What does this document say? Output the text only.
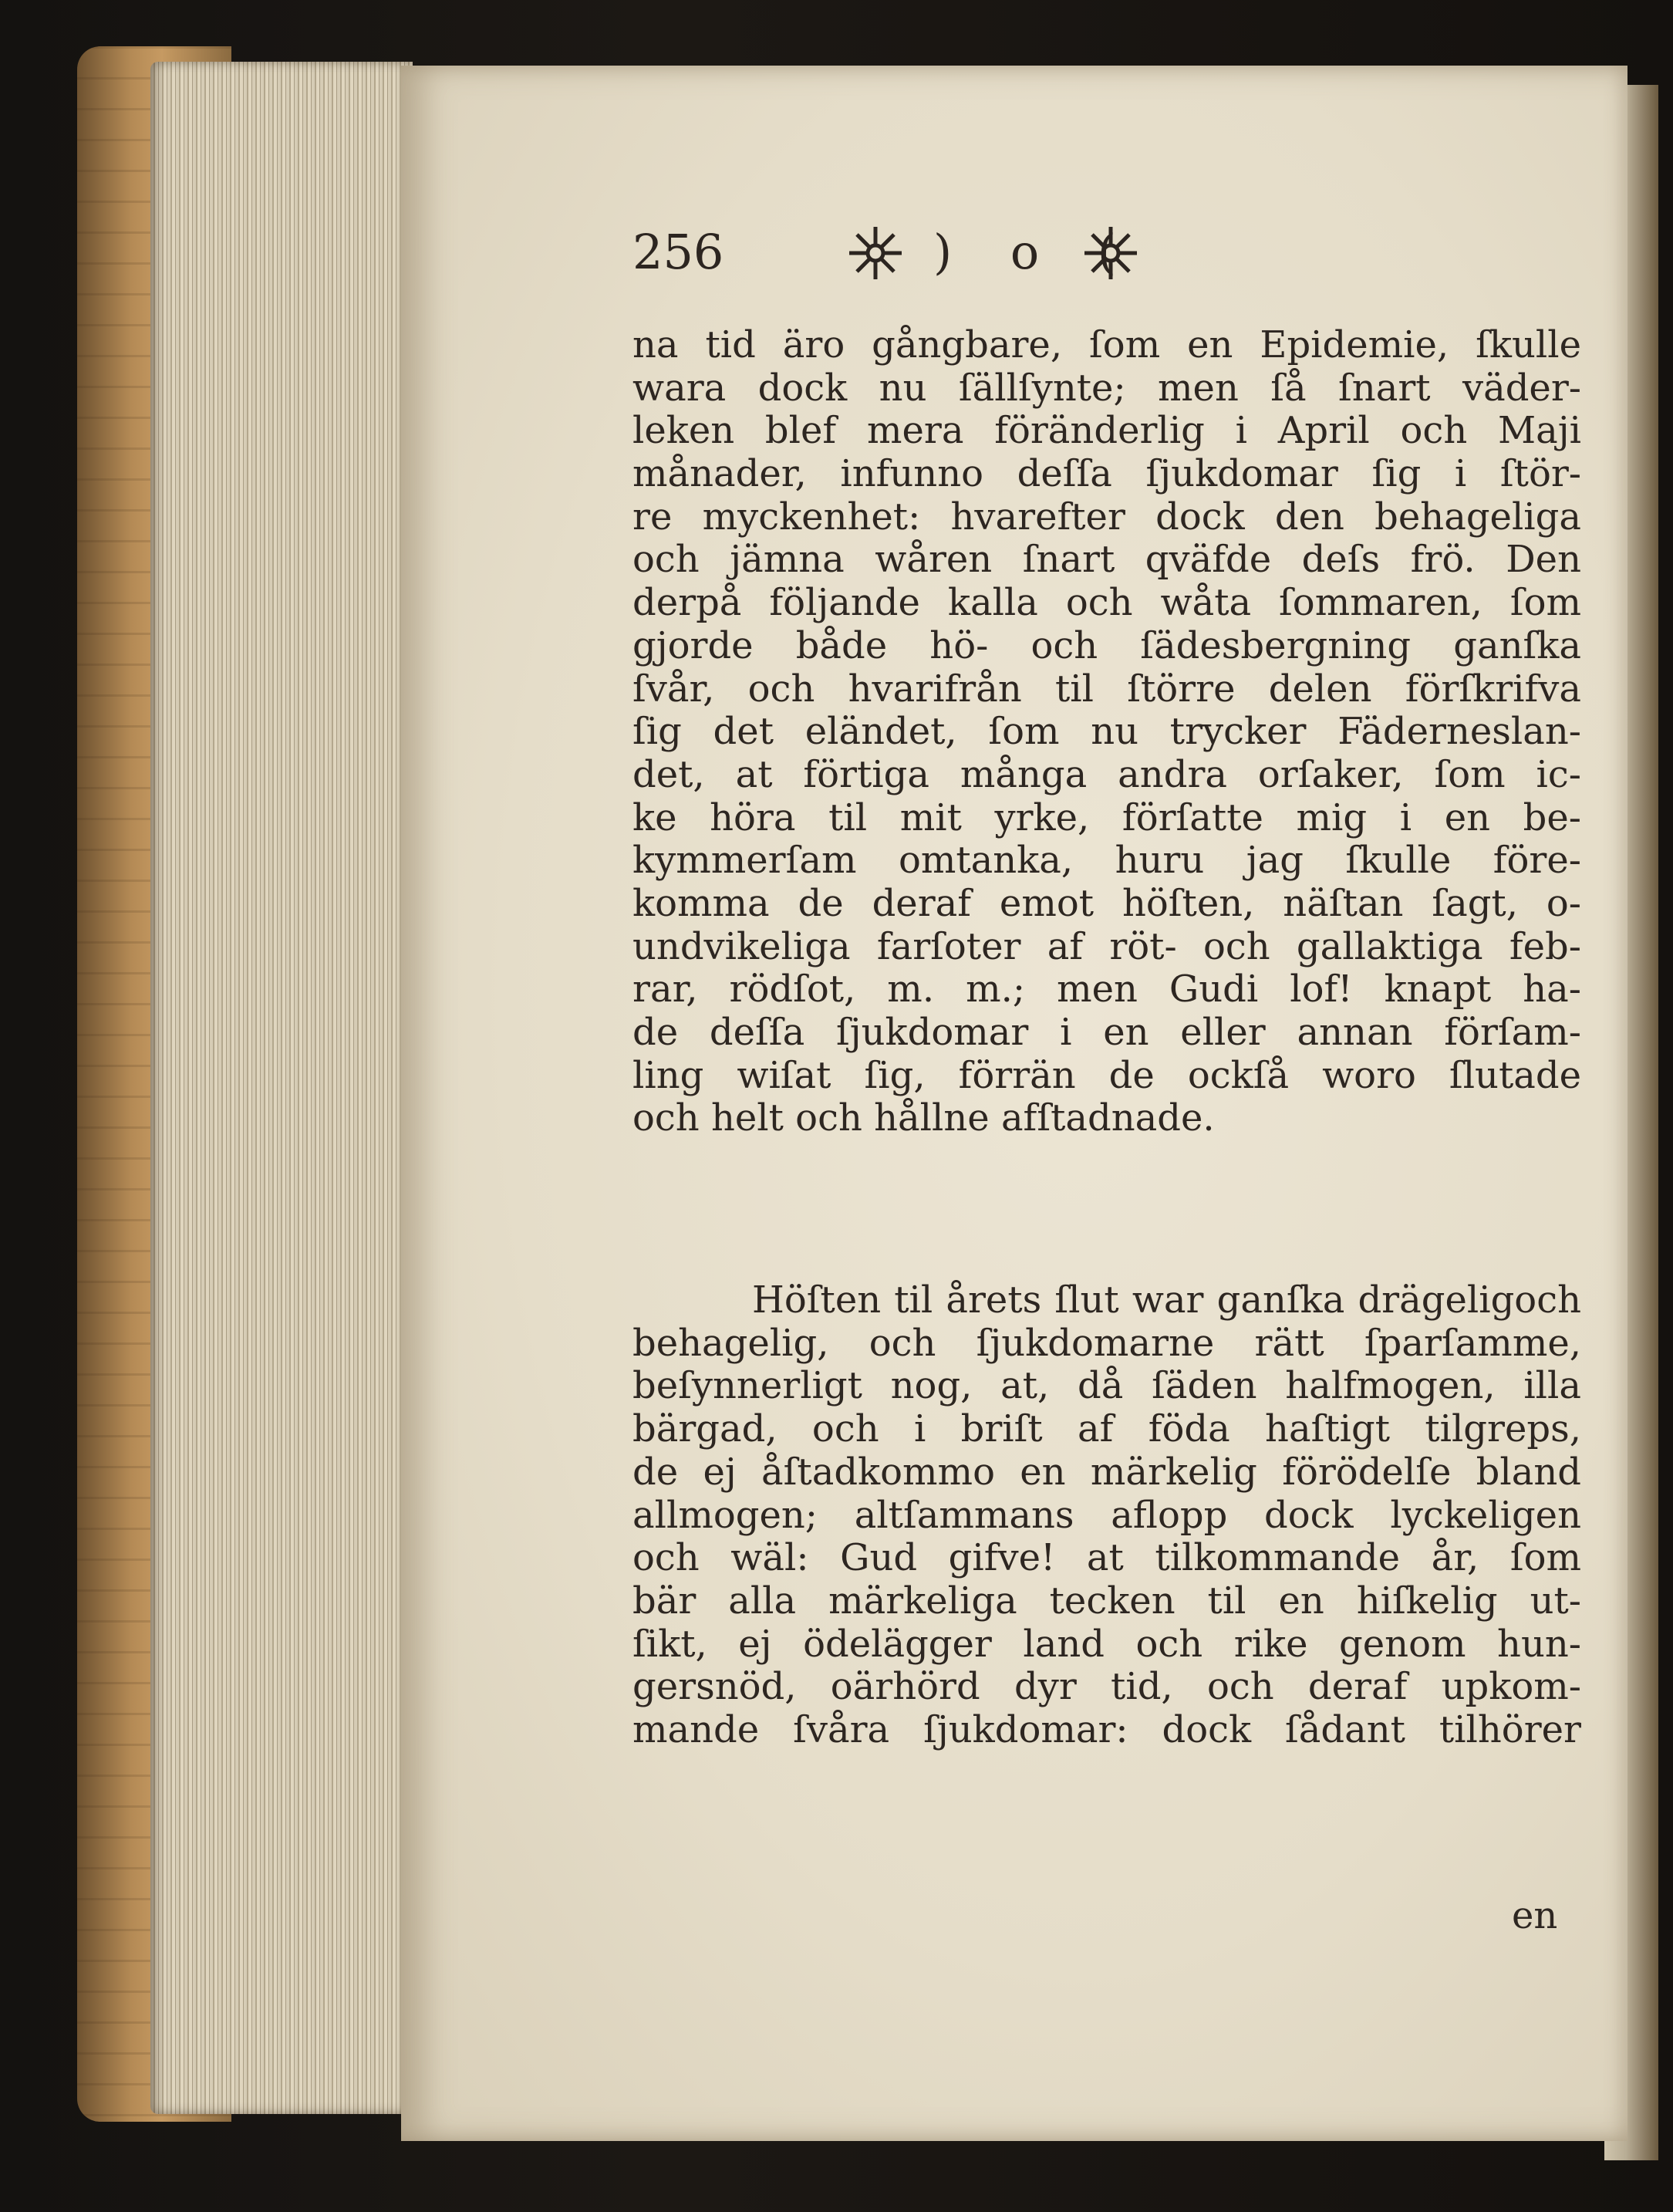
256	) o (
na tid äro gångbare, ſom en Epidemie, ſkulle
wara dock nu ſällſynte; men ſå ſnart väder-
leken blef mera föränderlig i April och Maji
månader, infunno deſſa ſjukdomar ſig i ſtör-
re myckenhet: hvarefter dock den behageliga
och jämna wåren ſnart qväfde deſs frö. Den
derpå följande kalla och wåta ſommaren, ſom
gjorde både hö- och ſädesbergning ganſka
ſvår, och hvarifrån til ſtörre delen förſkrifva
ſig det eländet, ſom nu trycker Fäderneslan-
det, at förtiga många andra orſaker, ſom ic-
ke höra til mit yrke, förſatte mig i en be-
kymmerſam omtanka, huru jag ſkulle före-
komma de deraf emot höſten, näſtan ſagt, o-
undvikeliga farſoter af röt- och gallaktiga feb-
rar, rödſot, m. m.; men Gudi lof! knapt ha-
de deſſa ſjukdomar i en eller annan förſam-
ling wiſat ſig, förrän de ockſå woro ſlutade
och helt och hållne afſtadnade.
Höſten til årets ſlut war ganſka drägeligoch
behagelig, och ſjukdomarne rätt ſparſamme,
beſynnerligt nog, at, då ſäden halfmogen, illa
bärgad, och i briſt af föda haſtigt tilgreps,
de ej åſtadkommo en märkelig förödelſe bland
allmogen; altſammans aflopp dock lyckeligen
och wäl: Gud gifve! at tilkommande år, ſom
bär alla märkeliga tecken til en hiſkelig ut-
ſikt, ej ödelägger land och rike genom hun-
gersnöd, oärhörd dyr tid, och deraf upkom-
mande ſvåra ſjukdomar: dock ſådant tilhörer
en
